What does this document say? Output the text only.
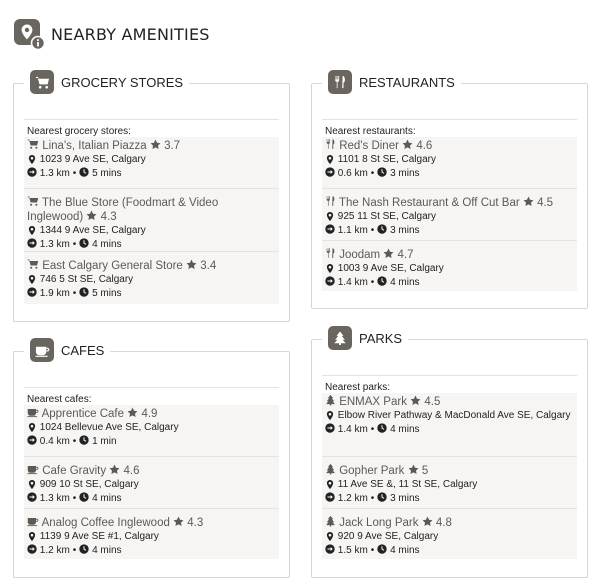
NEARBY AMENITIES
GROCERY STORES
Nearest grocery stores:
Lina's, Italian Piazza 3.7

1023 9 Ave SE, Calgary

1.3 km •
5 mins
The Blue Store (Foodmart & Video Inglewood) 4.3

1344 9 Ave SE, Calgary

1.3 km •
4 mins
East Calgary General Store 3.4

746 5 St SE, Calgary

1.9 km •
5 mins
RESTAURANTS
Nearest restaurants:
Red's Diner 4.6

1101 8 St SE, Calgary

0.6 km •
3 mins
The Nash Restaurant & Off Cut Bar 4.5

925 11 St SE, Calgary

1.1 km •
3 mins
Joodam 4.7

1003 9 Ave SE, Calgary

1.4 km •
4 mins
CAFES
Nearest cafes:
Apprentice Cafe 4.9

1024 Bellevue Ave SE, Calgary

0.4 km •
1 min
Cafe Gravity 4.6

909 10 St SE, Calgary

1.3 km •
4 mins
Analog Coffee Inglewood 4.3

1139 9 Ave SE #1, Calgary

1.2 km •
4 mins
PARKS
Nearest parks:
ENMAX Park 4.5

Elbow River Pathway & MacDonald Ave SE, Calgary

1.4 km •
4 mins
Gopher Park 5

11 Ave SE &, 11 St SE, Calgary

1.2 km •
3 mins
Jack Long Park 4.8

920 9 Ave SE, Calgary

1.5 km •
4 mins
